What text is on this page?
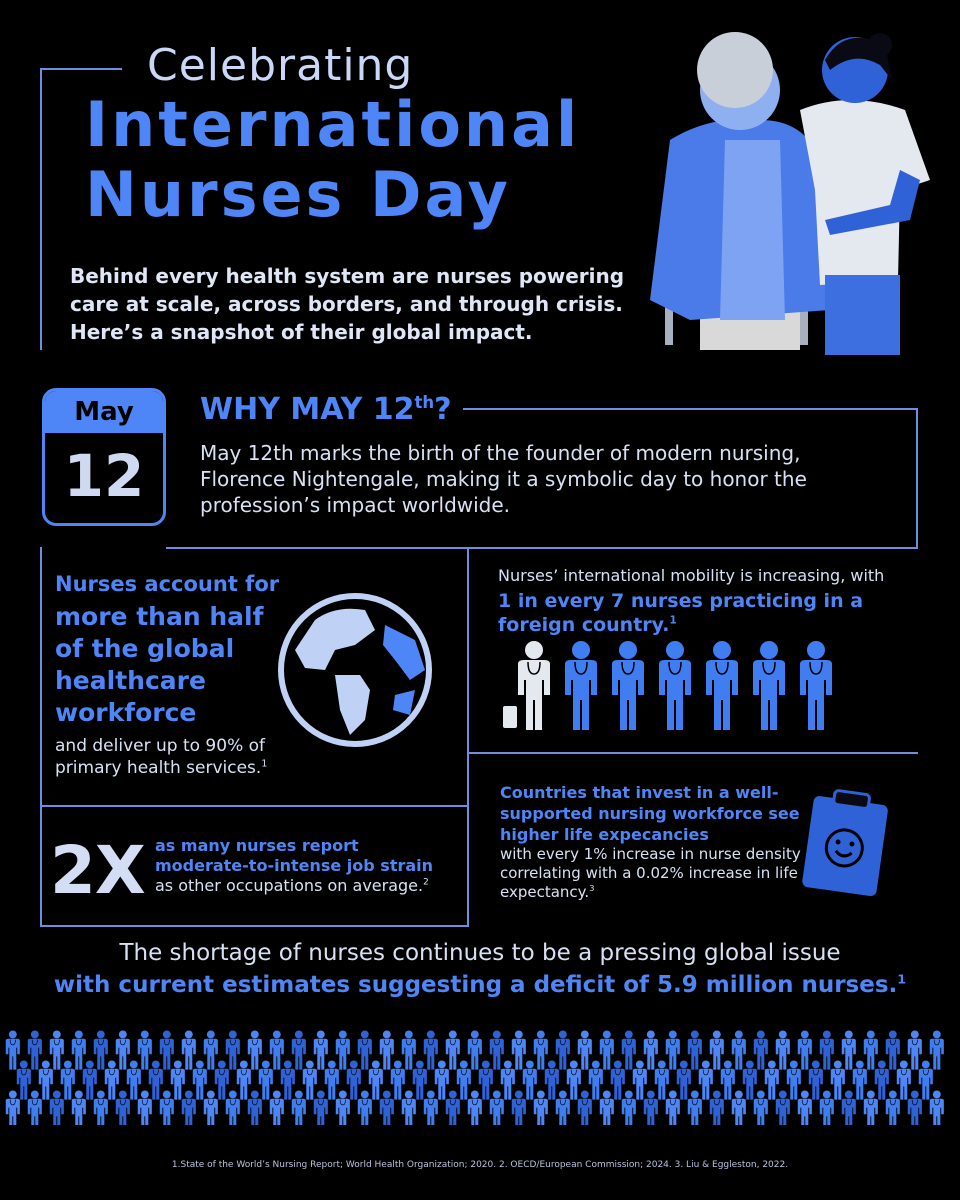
Celebrating
International
Nurses Day
Behind every health system are nurses powering care at scale, across borders, and through crisis. Here’s a snapshot of their global impact.
May
12
WHY MAY 12th?
May 12th marks the birth of the founder of modern nursing, Florence Nightengale, making it a symbolic day to honor the profession’s impact worldwide.
Nurses account for
more than half of the global healthcare workforce
and deliver up to 90% of primary health services.$^1$
Nurses’ international mobility is increasing, with
1 in every 7 nurses practicing in a foreign country.$^1$
2X as many nurses report
moderate-to-intense job strain
as other occupations on average.$^2$
Countries that invest in a well-supported nursing workforce see higher life expecancies
with every 1% increase in nurse density correlating with a 0.02% increase in life expectancy.$^3$
The shortage of nurses continues to be a pressing global issue
with current estimates suggesting a deficit of 5.9 million nurses.$^1$
1.State of the World’s Nursing Report; World Health Organization; 2020. 2. OECD/European Commission; 2024. 3. Liu & Eggleston, 2022.
